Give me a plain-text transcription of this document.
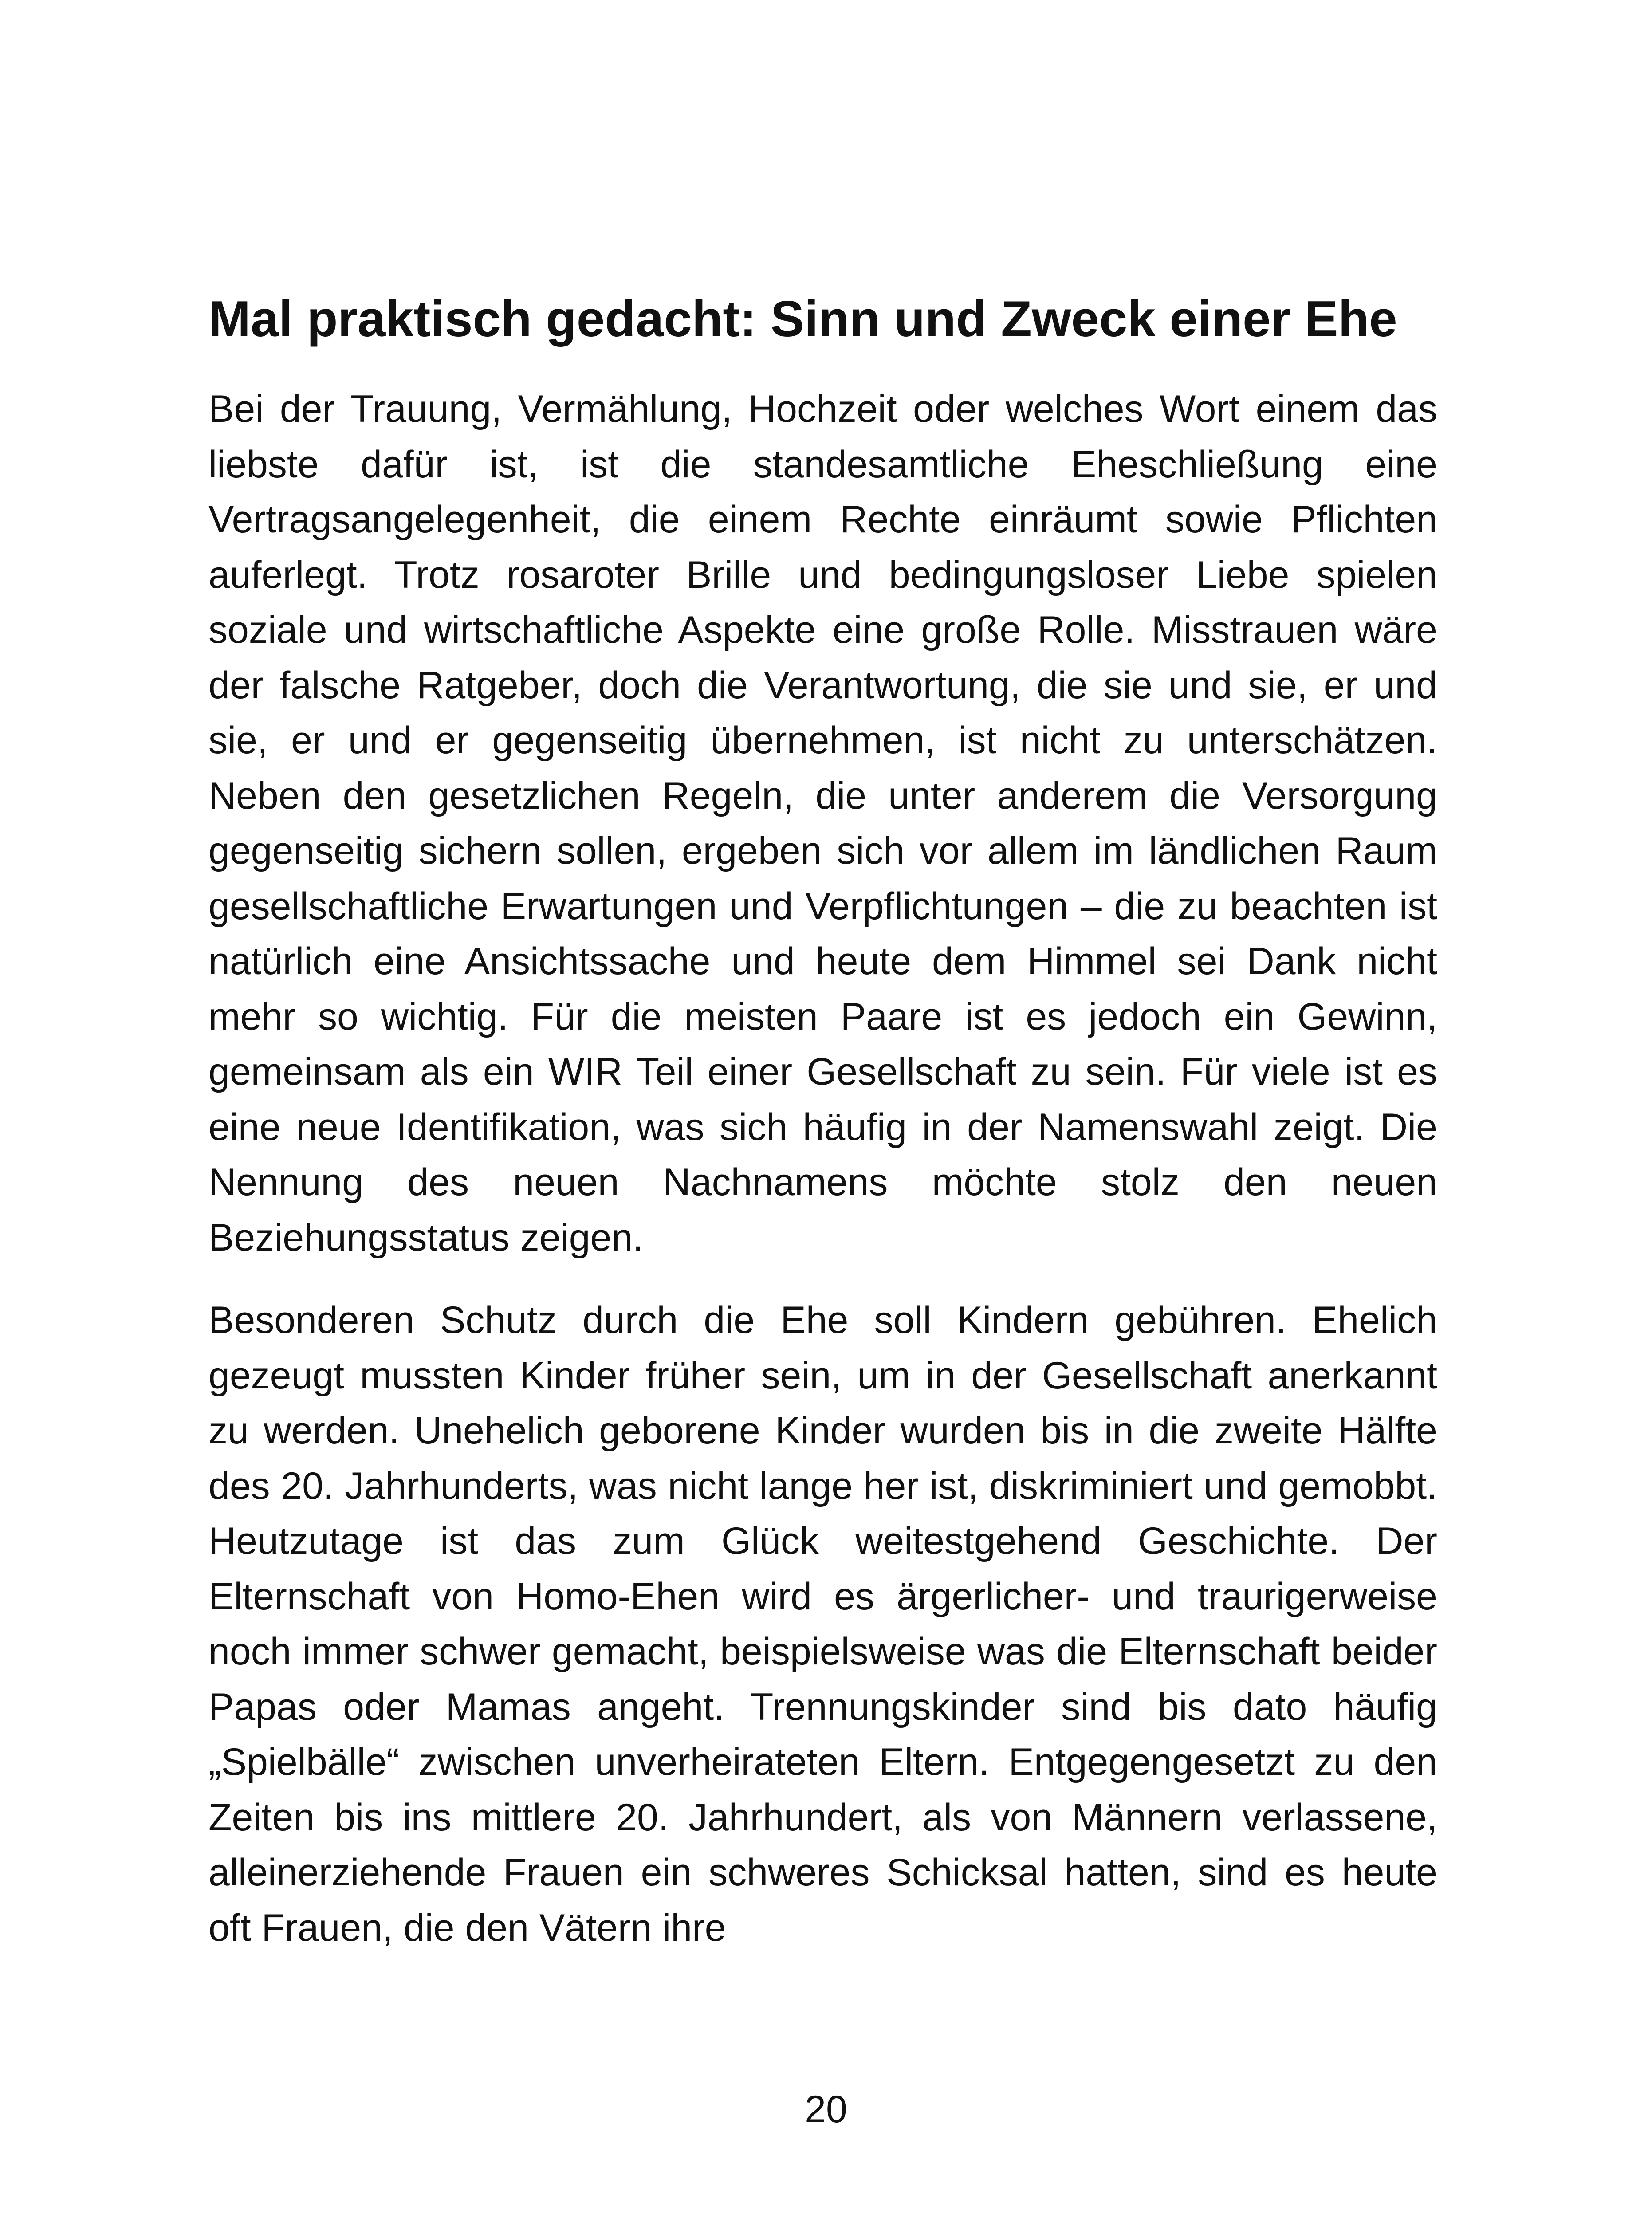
Mal praktisch gedacht: Sinn und Zweck einer Ehe

Bei der Trauung, Vermählung, Hochzeit oder welches Wort einem das liebste dafür ist, ist die standesamtliche Eheschließung eine Vertragsangelegenheit, die einem Rechte einräumt sowie Pflichten auferlegt. Trotz rosaroter Brille und bedingungsloser Liebe spielen soziale und wirtschaftliche Aspekte eine große Rolle. Misstrauen wäre der falsche Ratgeber, doch die Verantwortung, die sie und sie, er und sie, er und er gegenseitig übernehmen, ist nicht zu unterschätzen. Neben den gesetzlichen Regeln, die unter anderem die Versorgung gegenseitig sichern sollen, ergeben sich vor allem im ländlichen Raum gesellschaftliche Erwartungen und Verpflichtungen – die zu beachten ist natürlich eine Ansichtssache und heute dem Himmel sei Dank nicht mehr so wichtig. Für die meisten Paare ist es jedoch ein Gewinn, gemeinsam als ein WIR Teil einer Gesellschaft zu sein. Für viele ist es eine neue Identifikation, was sich häufig in der Namenswahl zeigt. Die Nennung des neuen Nachnamens möchte stolz den neuen Beziehungsstatus zeigen.

Besonderen Schutz durch die Ehe soll Kindern gebühren. Ehelich gezeugt mussten Kinder früher sein, um in der Gesellschaft anerkannt zu werden. Unehelich geborene Kinder wurden bis in die zweite Hälfte des 20. Jahrhunderts, was nicht lange her ist, diskriminiert und gemobbt. Heutzutage ist das zum Glück weitestgehend Geschichte. Der Elternschaft von Homo-Ehen wird es ärgerlicher- und traurigerweise noch immer schwer gemacht, beispielsweise was die Elternschaft beider Papas oder Mamas angeht. Trennungskinder sind bis dato häufig „Spielbälle“ zwischen unverheirateten Eltern. Entgegengesetzt zu den Zeiten bis ins mittlere 20. Jahrhundert, als von Männern verlassene, alleinerziehende Frauen ein schweres Schicksal hatten, sind es heute oft Frauen, die den Vätern ihre

20
